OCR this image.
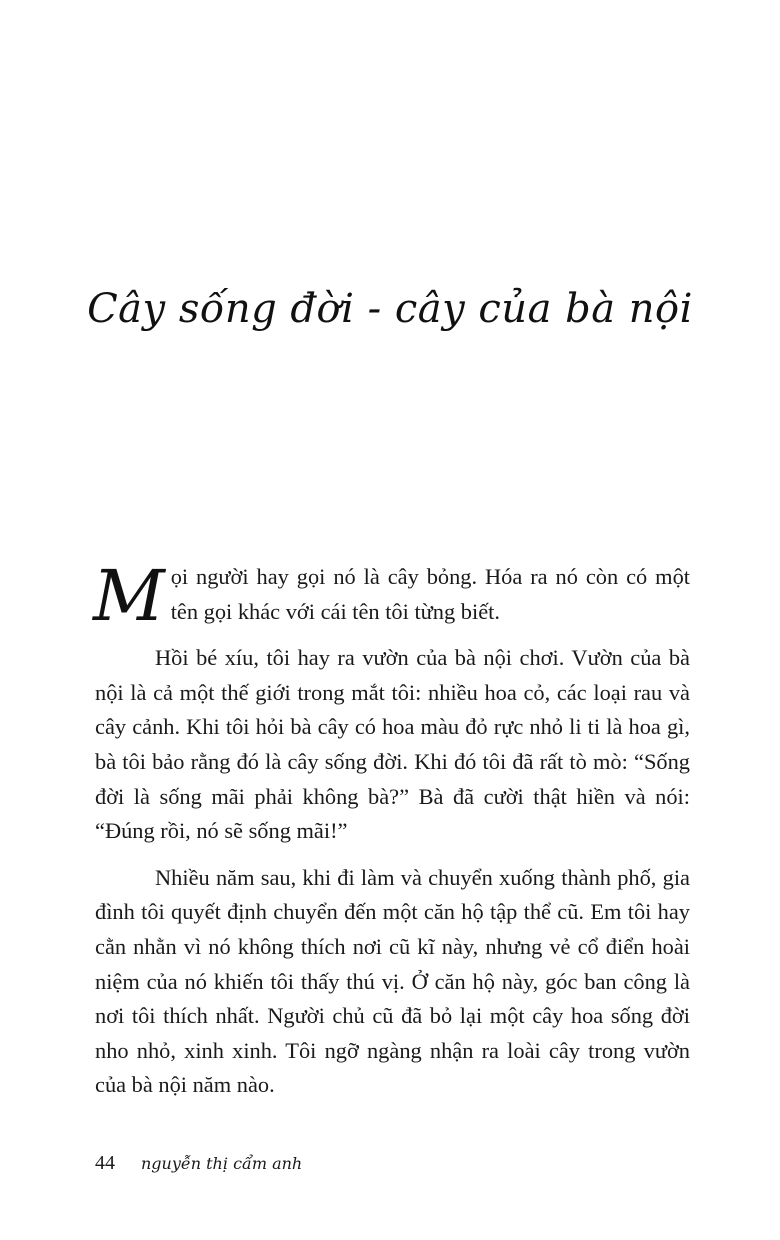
Cây sống đời - cây của bà nội

M ọi người hay gọi nó là cây bỏng. Hóa ra nó còn có một tên gọi khác với cái tên tôi từng biết.

Hồi bé xíu, tôi hay ra vườn của bà nội chơi. Vườn của bà nội là cả một thế giới trong mắt tôi: nhiều hoa cỏ, các loại rau và cây cảnh. Khi tôi hỏi bà cây có hoa màu đỏ rực nhỏ li ti là hoa gì, bà tôi bảo rằng đó là cây sống đời. Khi đó tôi đã rất tò mò: “Sống đời là sống mãi phải không bà?” Bà đã cười thật hiền và nói: “Đúng rồi, nó sẽ sống mãi!”

Nhiều năm sau, khi đi làm và chuyển xuống thành phố, gia đình tôi quyết định chuyển đến một căn hộ tập thể cũ. Em tôi hay cằn nhằn vì nó không thích nơi cũ kĩ này, nhưng vẻ cổ điển hoài niệm của nó khiến tôi thấy thú vị. Ở căn hộ này, góc ban công là nơi tôi thích nhất. Người chủ cũ đã bỏ lại một cây hoa sống đời nho nhỏ, xinh xinh. Tôi ngỡ ngàng nhận ra loài cây trong vườn của bà nội năm nào.

44 nguyễn thị cẩm anh
